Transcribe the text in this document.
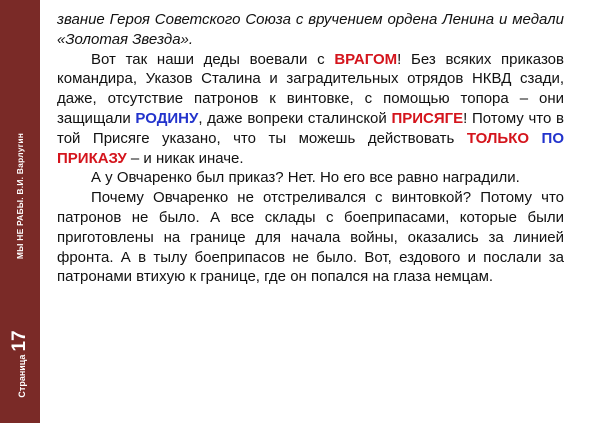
МЫ НЕ РАБЫ. В.И. Варлугин
Страница17

звание Героя Советского Союза с вручением ордена Ленина и медали «Золотая Звезда».

Вот так наши деды воевали с ВРАГОМ! Без всяких приказов командира, Указов Сталина и заградительных отрядов НКВД сзади, даже, отсутствие патронов к винтовке, с помощью топора – они защищали РОДИНУ, даже вопреки сталинской ПРИСЯГЕ! Потому что в той Присяге указано, что ты можешь действовать ТОЛЬКО ПО ПРИКАЗУ – и никак иначе.

А у Овчаренко был приказ? Нет. Но его все равно наградили.

Почему Овчаренко не отстреливался с винтовкой? Потому что патронов не было. А все склады с боеприпасами, которые были приготовлены на границе для начала войны, оказались за линией фронта. А в тылу боеприпасов не было. Вот, ездового и послали за патронами втихую к границе, где он попался на глаза немцам.
